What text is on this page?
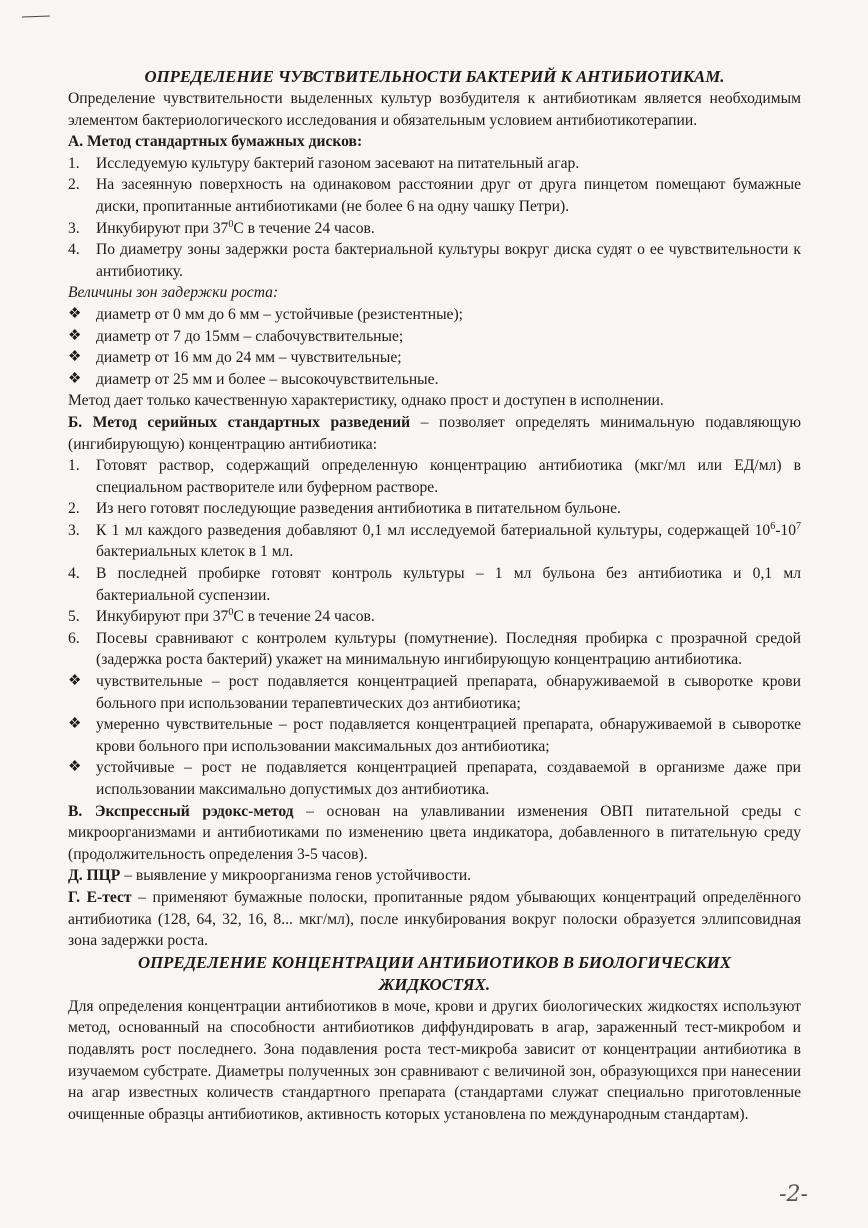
ОПРЕДЕЛЕНИЕ ЧУВСТВИТЕЛЬНОСТИ БАКТЕРИЙ К АНТИБИОТИКАМ.

Определение чувствительности выделенных культур возбудителя к антибиотикам является необходимым элементом бактериологического исследования и обязательным условием антибиотикотерапии.

А. Метод стандартных бумажных дисков:

1.	Исследуемую культуру бактерий газоном засевают на питательный агар.
2.	На засеянную поверхность на одинаковом расстоянии друг от друга пинцетом помещают бумажные диски, пропитанные антибиотиками (не более 6 на одну чашку Петри).
3.	Инкубируют при $37^0С$ в течение 24 часов.
4.	По диаметру зоны задержки роста бактериальной культуры вокруг диска судят о ее чувствительности к антибиотику.

Величины зон задержки роста:

❖ диаметр от 0 мм до 6 мм – устойчивые (резистентные);
❖ диаметр от 7 до 15мм – слабочувствительные;
❖ диаметр от 16 мм до 24 мм – чувствительные;
❖ диаметр от 25 мм и более – высокочувствительные.

Метод дает только качественную характеристику, однако прост и доступен в исполнении.

Б. Метод серийных стандартных разведений – позволяет определять минимальную подавляющую (ингибирующую) концентрацию антибиотика:

1.	Готовят раствор, содержащий определенную концентрацию антибиотика (мкг/мл или ЕД/мл) в специальном растворителе или буферном растворе.
2.	Из него готовят последующие разведения антибиотика в питательном бульоне.
3.	К 1 мл каждого разведения добавляют 0,1 мл исследуемой батериальной культуры, содержащей $10^6-10^7$ бактериальных клеток в 1 мл.
4.	В последней пробирке готовят контроль культуры – 1 мл бульона без антибиотика и 0,1 мл бактериальной суспензии.
5.	Инкубируют при $37^0С$ в течение 24 часов.
6.	Посевы сравнивают с контролем культуры (помутнение). Последняя пробирка с прозрачной средой (задержка роста бактерий) укажет на минимальную ингибирующую концентрацию антибиотика.
❖ чувствительные – рост подавляется концентрацией препарата, обнаруживаемой в сыворотке крови больного при использовании терапевтических доз антибиотика;
❖ умеренно чувствительные – рост подавляется концентрацией препарата, обнаруживаемой в сыворотке крови больного при использовании максимальных доз антибиотика;
❖ устойчивые – рост не подавляется концентрацией препарата, создаваемой в организме даже при использовании максимально допустимых доз антибиотика.

В. Экспрессный рэдокс-метод – основан на улавливании изменения ОВП питательной среды с микроорганизмами и антибиотиками по изменению цвета индикатора, добавленного в питательную среду (продолжительность определения 3-5 часов).

Д. ПЦР – выявление у микроорганизма генов устойчивости.

Г. Е-тест – применяют бумажные полоски, пропитанные рядом убывающих концентраций определённого антибиотика (128, 64, 32, 16, 8... мкг/мл), после инкубирования вокруг полоски образуется эллипсовидная зона задержки роста.

ОПРЕДЕЛЕНИЕ КОНЦЕНТРАЦИИ АНТИБИОТИКОВ В БИОЛОГИЧЕСКИХ
ЖИДКОСТЯХ.

Для определения концентрации антибиотиков в моче, крови и других биологических жидкостях используют метод, основанный на способности антибиотиков диффундировать в агар, зараженный тест-микробом и подавлять рост последнего. Зона подавления роста тест-микроба зависит от концентрации антибиотика в изучаемом субстрате. Диаметры полученных зон сравнивают с величиной зон, образующихся при нанесении на агар известных количеств стандартного препарата (стандартами служат специально приготовленные очищенные образцы антибиотиков, активность которых установлена по международным стандартам).

-2-
